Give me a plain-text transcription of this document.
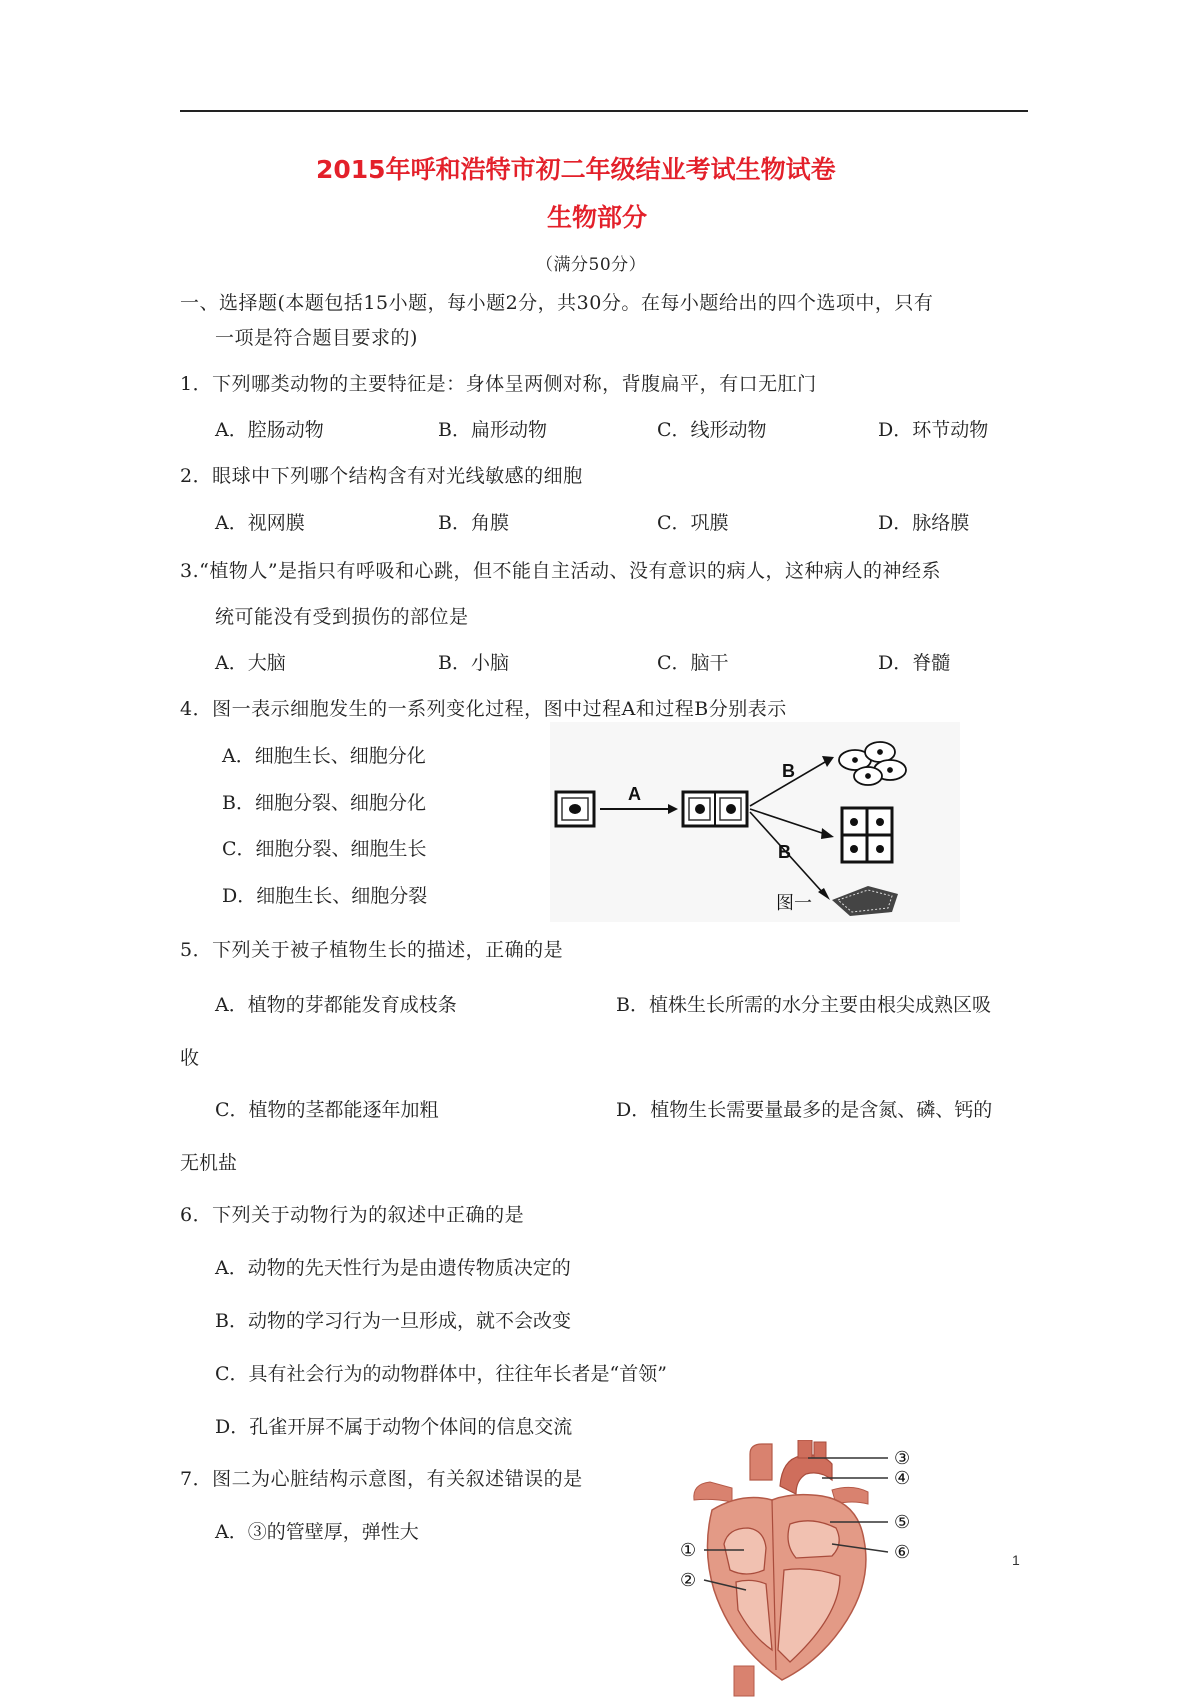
2015年呼和浩特市初二年级结业考试生物试卷
生物部分
（满分50分）
一、选择题(本题包括15小题，每小题2分，共30分。在每小题给出的四个选项中，只有
一项是符合题目要求的)
1．下列哪类动物的主要特征是：身体呈两侧对称，背腹扁平，有口无肛门
A．腔肠动物	B．扁形动物	C．线形动物	D．环节动物
2．眼球中下列哪个结构含有对光线敏感的细胞
A．视网膜	B．角膜	C．巩膜	D．脉络膜
3.“植物人”是指只有呼吸和心跳，但不能自主活动、没有意识的病人，这种病人的神经系
统可能没有受到损伤的部位是
A．大脑	B．小脑	C．脑干	D．脊髓
4．图一表示细胞发生的一系列变化过程，图中过程A和过程B分别表示
A．细胞生长、细胞分化
B．细胞分裂、细胞分化
C．细胞分裂、细胞生长
D．细胞生长、细胞分裂
A
B
B
图一
5．下列关于被子植物生长的描述，正确的是
A．植物的芽都能发育成枝条	B．植株生长所需的水分主要由根尖成熟区吸
收
C．植物的茎都能逐年加粗	D．植物生长需要量最多的是含氮、磷、钙的
无机盐
6．下列关于动物行为的叙述中正确的是
A．动物的先天性行为是由遗传物质决定的
B．动物的学习行为一旦形成，就不会改变
C．具有社会行为的动物群体中，往往年长者是“首领”
D．孔雀开屏不属于动物个体间的信息交流
7．图二为心脏结构示意图，有关叙述错误的是
A．③的管壁厚，弹性大
③
④
⑤
⑥
①
②
1
